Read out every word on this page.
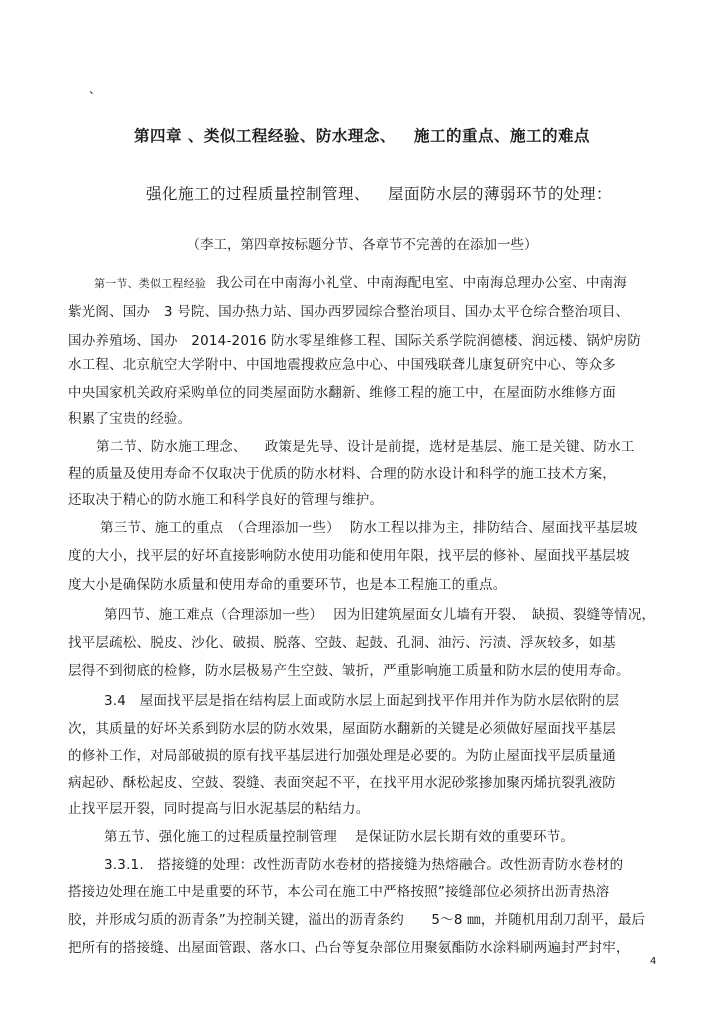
、
第四章 、类似工程经验、防水理念、 施工的重点、施工的难点
强化施工的过程质量控制管理、 屋面防水层的薄弱环节的处理：
（李工，第四章按标题分节、各章节不完善的在添加一些）
第一节、类似工程经验 我公司在中南海小礼堂、中南海配电室、中南海总理办公室、中南海
紫光阁、国办　3 号院、国办热力站、国办西罗园综合整治项目、国办太平仓综合整治项目、
国办养殖场、国办　2014-2016 防水零星维修工程、国际关系学院润德楼、润远楼、锅炉房防
水工程、北京航空大学附中、中国地震搜救应急中心、中国残联聋儿康复研究中心、等众多
中央国家机关政府采购单位的同类屋面防水翻新、维修工程的施工中，在屋面防水维修方面
积累了宝贵的经验。
第二节、防水施工理念、 政策是先导、设计是前提，选材是基层、施工是关键、防水工
程的质量及使用寿命不仅取决于优质的防水材料、合理的防水设计和科学的施工技术方案，
还取决于精心的防水施工和科学良好的管理与维护。
第三节、施工的重点　（合理添加一些） 防水工程以排为主，排防结合、屋面找平基层坡
度的大小，找平层的好坏直接影响防水使用功能和使用年限，找平层的修补、屋面找平基层坡
度大小是确保防水质量和使用寿命的重要环节，也是本工程施工的重点。
第四节、施工难点（合理添加一些） 因为旧建筑屋面女儿墙有开裂、　缺损、裂缝等情况，
找平层疏松、脱皮、沙化、破损、脱落、空鼓、起鼓、孔洞、油污、污渍、浮灰较多，如基
层得不到彻底的检修，防水层极易产生空鼓、皱折，严重影响施工质量和防水层的使用寿命。
3.4　屋面找平层是指在结构层上面或防水层上面起到找平作用并作为防水层依附的层
次，其质量的好坏关系到防水层的防水效果，屋面防水翻新的关键是必须做好屋面找平基层
的修补工作，对局部破损的原有找平基层进行加强处理是必要的。为防止屋面找平层质量通
病起砂、酥松起皮、空鼓、裂缝、表面突起不平，在找平用水泥砂浆掺加聚丙烯抗裂乳液防
止找平层开裂，同时提高与旧水泥基层的粘结力。
第五节、强化施工的过程质量控制管理 是保证防水层长期有效的重要环节。
3.3.1.　搭接缝的处理：改性沥青防水卷材的搭接缝为热熔融合。改性沥青防水卷材的
搭接边处理在施工中是重要的环节，本公司在施工中严格按照”接缝部位必须挤出沥青热溶
胶，并形成匀质的沥青条”为控制关键，溢出的沥青条约　　5～8 ㎜，并随机用刮刀刮平，最后
把所有的搭接缝、出屋面管跟、落水口、凸台等复杂部位用聚氨酯防水涂料刷两遍封严封牢，
4
